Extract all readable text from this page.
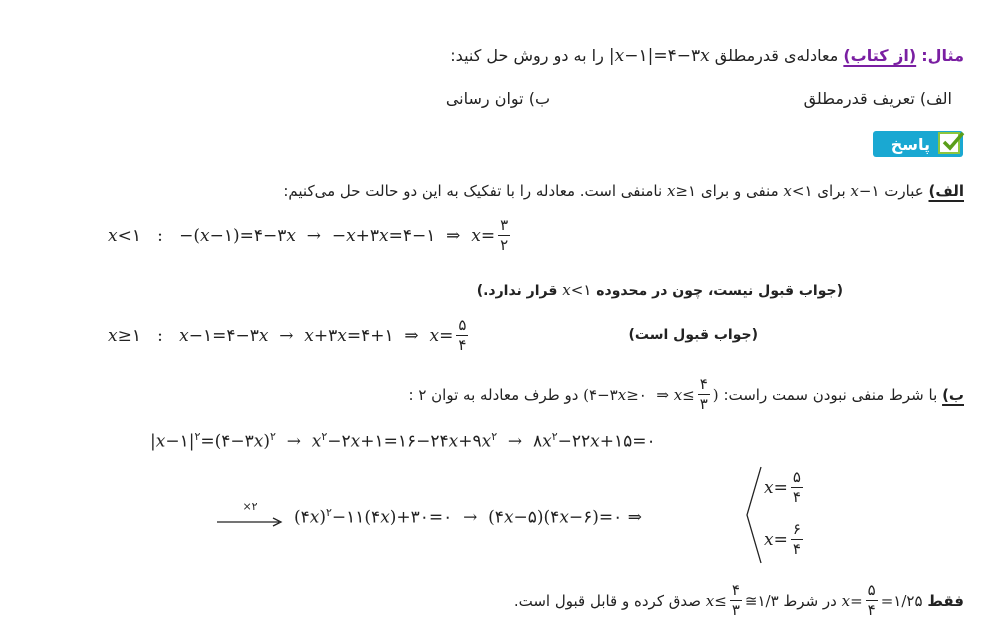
مثال: (از کتاب) معادله‌ی قدرمطلق |x−۱|=۴−۳x را به دو روش حل کنید:
الف) تعریف قدرمطلق
ب) توان رسانی
پاسخ
الف) عبارت x−۱ برای x<۱ منفی و برای x≥۱ نامنفی است. معادله را با تفکیک به این دو حالت حل می‌کنیم:
x<۱   :   −(x−۱)=۴−۳x  →  −x+۳x=۴−۱  ⇒  $x= \frac{۳}{۲}$
(جواب قبول نیست، چون در محدوده x<۱ قرار ندارد.)
x≥۱   :   x−۱=۴−۳x  →  x+۳x=۴+۱  ⇒  $x= \frac{۵}{۴}$	(جواب قبول است)
ب)

با شرط منفی نبودن سمت راست:

(۴−۳ x ≥۰  ⇒ $x \le \frac{۴}{۳}$ )

دو طرف معادله به توان ۲ :
$|x-۱|^۲=(۴-۳x)^۲$  →  $x^۲-۲x+۱=۱۶-۲۴x+۹x^۲$  →  $۸x^۲-۲۲x+۱۵=۰$
×۲
(۴x)$^۲$−۱۱(۴x)+۳۰=۰  →  (۴x−۵)(۴x−۶)=۰ ⇒
$x= \frac{۵}{۴}$
$x= \frac{۶}{۴}$
فقط

$x = \frac{۵}{۴}$ =۱/۲۵

در شرط

$x \le \frac{۴}{۳}$ ≅۱/۳

صدق کرده و قابل قبول است.
